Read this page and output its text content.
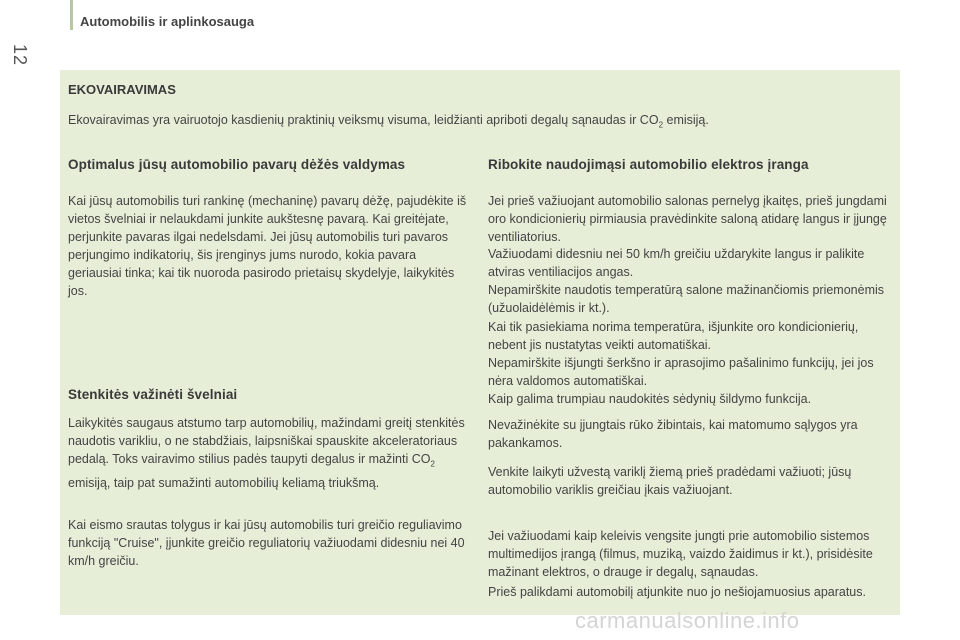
Automobilis ir aplinkosauga
12
EKOVAIRAVIMAS
Ekovairavimas yra vairuotojo kasdienių praktinių veiksmų visuma, leidžianti apriboti degalų sąnaudas ir $CO_2$ emisiją.
Optimalus jūsų automobilio pavarų dėžės valdymas

Kai jūsų automobilis turi rankinę (mechaninę) pavarų dėžę, pajudėkite iš vietos švelniai ir nelaukdami junkite aukštesnę pavarą. Kai greitėjate, perjunkite pavaras ilgai nedelsdami. Jei jūsų automobilis turi pavaros perjungimo indikatorių, šis įrenginys jums nurodo, kokia pavara geriausiai tinka; kai tik nuoroda pasirodo prietaisų skydelyje, laikykitės jos.

Stenkitės važinėti švelniai

Laikykitės saugaus atstumo tarp automobilių, mažindami greitį stenkitės naudotis varikliu, o ne stabdžiais, laipsniškai spauskite akceleratoriaus pedalą. Toks vairavimo stilius padės taupyti degalus ir mažinti $CO_2$ emisiją, taip pat sumažinti automobilių keliamą triukšmą.

Kai eismo srautas tolygus ir kai jūsų automobilis turi greičio reguliavimo funkciją "Cruise", įjunkite greičio reguliatorių važiuodami didesniu nei 40 km/h greičiu.

Ribokite naudojimąsi automobilio elektros įranga

Jei prieš važiuojant automobilio salonas pernelyg įkaitęs, prieš jungdami oro kondicionierių pirmiausia pravėdinkite saloną atidarę langus ir įjungę ventiliatorius.

Važiuodami didesniu nei 50 km/h greičiu uždarykite langus ir palikite atviras ventiliacijos angas.

Nepamirškite naudotis temperatūrą salone mažinančiomis priemonėmis (užuolaidėlėmis ir kt.).

Kai tik pasiekiama norima temperatūra, išjunkite oro kondicionierių, nebent jis nustatytas veikti automatiškai.

Nepamirškite išjungti šerkšno ir aprasojimo pašalinimo funkcijų, jei jos nėra valdomos automatiškai.

Kaip galima trumpiau naudokitės sėdynių šildymo funkcija.

Nevažinėkite su įjungtais rūko žibintais, kai matomumo sąlygos yra pakankamos.

Venkite laikyti užvestą variklį žiemą prieš pradėdami važiuoti; jūsų automobilio variklis greičiau įkais važiuojant.

Jei važiuodami kaip keleivis vengsite jungti prie automobilio sistemos multimedijos įrangą (filmus, muziką, vaizdo žaidimus ir kt.), prisidėsite mažinant elektros, o drauge ir degalų, sąnaudas.

Prieš palikdami automobilį atjunkite nuo jo nešiojamuosius aparatus.

carmanualsonline.info
